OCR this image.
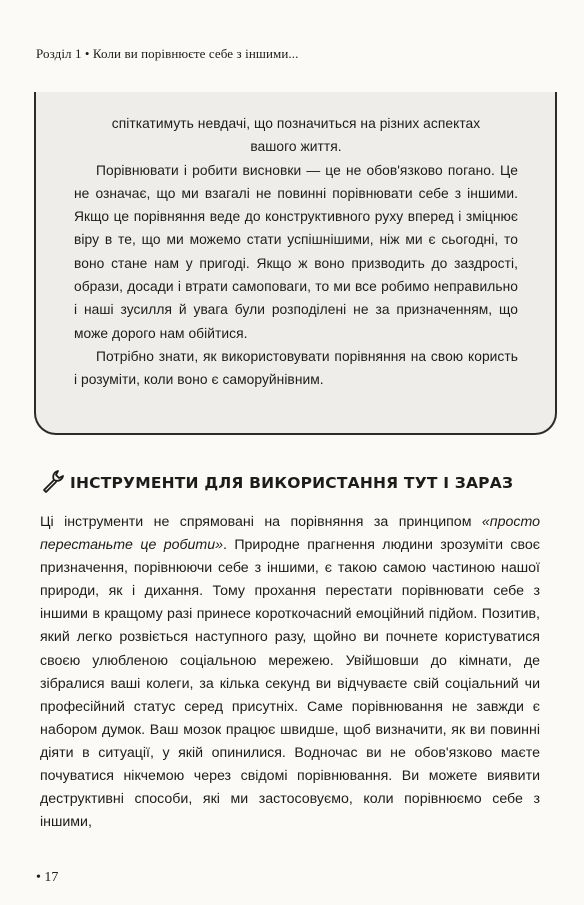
Розділ 1 • Коли ви порівнюєте себе з іншими...

спіткатимуть невдачі, що позначиться на різних аспектах

вашого життя.

Порівнювати і робити висновки — це не обов'язково погано. Це не означає, що ми взагалі не повинні порівнювати себе з іншими. Якщо це порівняння веде до конструктивного руху вперед і зміцнює віру в те, що ми можемо стати успішнішими, ніж ми є сьогодні, то воно стане нам у пригоді. Якщо ж воно призводить до заздрості, образи, досади і втрати самоповаги, то ми все робимо неправильно і наші зусилля й увага були розподілені не за призначенням, що може дорого нам обійтися.

Потрібно знати, як використовувати порівняння на свою користь і розуміти, коли воно є саморуйнівним.

ІНСТРУМЕНТИ ДЛЯ ВИКОРИСТАННЯ ТУТ І ЗАРАЗ

Ці інструменти не спрямовані на порівняння за принципом «просто перестаньте це робити». Природне прагнення людини зрозуміти своє призначення, порівнюючи себе з іншими, є такою самою частиною нашої природи, як і дихання. Тому прохання перестати порівнювати себе з іншими в кращому разі принесе короткочасний емоційний підйом. Позитив, який легко розвіється наступного разу, щойно ви почнете користуватися своєю улюбленою соціальною мережею. Увійшовши до кімнати, де зібралися ваші колеги, за кілька секунд ви відчуваєте свій соціальний чи професійний статус серед присутніх. Саме порівнювання не завжди є набором думок. Ваш мозок працює швидше, щоб визначити, як ви повинні діяти в ситуації, у якій опинилися. Водночас ви не обов'язково маєте почуватися нікчемою через свідомі порівнювання. Ви можете виявити деструктивні способи, які ми застосовуємо, коли порівнюємо себе з іншими,

• 17
